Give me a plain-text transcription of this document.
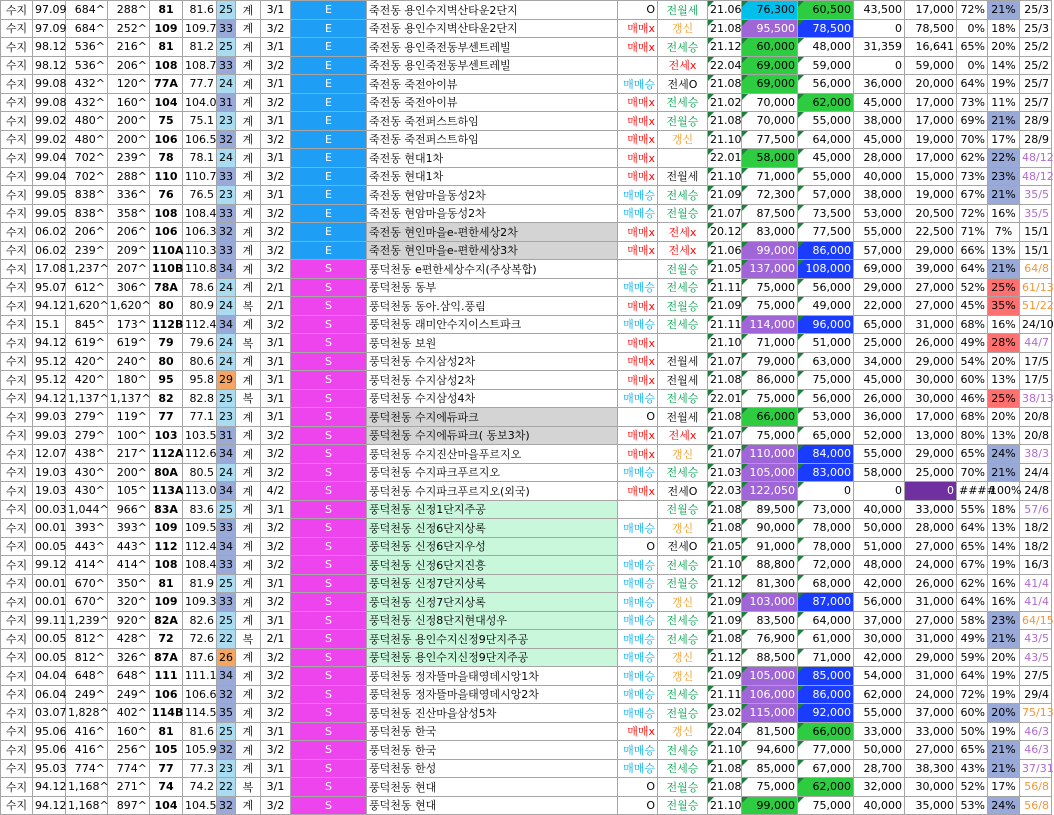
수지	97.09	684^	288^	81	81.6	25	계	3/1	E	죽전동 용인수지벽산타운2단지	O	전월세	21.06	76,300	60,500	43,500	17,000	72%	21%	25/3
수지	97.09	684^	252^	109	109.7	33	계	3/2	E	죽전동 용인수지벽산타운2단지	매매x	갱신	21.08	95,500	78,500	0	78,500	0%	18%	25/3
수지	98.12	536^	216^	81	81.2	25	계	3/1	E	죽전동 용인죽전동부센트레빌	매매x	전세승	21.12	60,000	48,000	31,359	16,641	65%	20%	25/2
수지	98.12	536^	206^	108	108.7	33	계	3/2	E	죽전동 용인죽전동부센트레빌		전세x	22.04	69,000	59,000	0	59,000	0%	14%	25/2
수지	99.08	432^	120^	77A	77.7	24	계	3/1	E	죽전동 죽전아이뷰	매매승	전세O	21.08	69,000	56,000	36,000	20,000	64%	19%	25/7
수지	99.08	432^	160^	104	104.0	31	계	3/2	E	죽전동 죽전아이뷰	매매x	전세승	21.02	70,000	62,000	45,000	17,000	73%	11%	25/7
수지	99.02	480^	200^	75	75.1	23	계	3/1	E	죽전동 죽전퍼스트하임	매매x	전월승	21.08	70,000	55,000	38,000	17,000	69%	21%	28/9
수지	99.02	480^	200^	106	106.5	32	계	3/2	E	죽전동 죽전퍼스트하임	매매x	갱신	21.10	77,500	64,000	45,000	19,000	70%	17%	28/9
수지	99.04	702^	239^	78	78.1	24	계	3/1	E	죽전동 현대1차	매매x		22.01	58,000	45,000	28,000	17,000	62%	22%	48/12
수지	99.04	702^	288^	110	110.7	33	계	3/2	E	죽전동 현대1차	매매x	전월세	21.10	71,000	55,000	40,000	15,000	73%	23%	48/12
수지	99.05	838^	336^	76	76.5	23	계	3/1	E	죽전동 현암마을동성2차	매매승	전세승	21.09	72,300	57,000	38,000	19,000	67%	21%	35/5
수지	99.05	838^	358^	108	108.4	33	계	3/2	E	죽전동 현암마을동성2차	매매승	전월승	21.07	87,500	73,500	53,000	20,500	72%	16%	35/5
수지	06.02	206^	206^	106	106.3	32	계	3/2	E	죽전동 현인마을e-편한세상2차	매매x	전세x	20.12	83,000	77,500	55,000	22,500	71%	7%	15/1
수지	06.02	239^	209^	110A	110.3	33	계	3/2	E	죽전동 현인마을e-편한세상3차	매매x	전세x	21.06	99,000	86,000	57,000	29,000	66%	13%	15/1
수지	17.08	1,237^	207^	110B	110.8	34	계	3/2	S	풍덕천동 e편한세상수지(주상복합)		전월승	21.05	137,000	108,000	69,000	39,000	64%	21%	64/8
수지	95.07	612^	306^	78A	78.6	24	계	2/1	S	풍덕천동 동부	매매승	전세승	21.11	75,000	56,000	29,000	27,000	52%	25%	61/13
수지	94.12	1,620^	1,620^	80	80.9	24	복	2/1	S	풍덕천동 동아.삼익.풍림	매매x	전월승	21.09	75,000	49,000	22,000	27,000	45%	35%	51/22
수지	15.1	845^	173^	112B	112.4	34	계	3/2	S	풍덕천동 래미안수지이스트파크	매매승	전세승	21.11	114,000	96,000	65,000	31,000	68%	16%	24/10
수지	94.12	619^	619^	79	79.6	24	복	3/1	S	풍덕천동 보원	매매x		21.10	71,000	51,000	25,000	26,000	49%	28%	44/7
수지	95.12	420^	240^	80	80.6	24	계	3/1	S	풍덕천동 수지삼성2차	매매x	전월세	21.07	79,000	63,000	34,000	29,000	54%	20%	17/5
수지	95.12	420^	180^	95	95.8	29	계	3/1	S	풍덕천동 수지삼성2차	매매x	전월세	21.08	86,000	75,000	45,000	30,000	60%	13%	17/5
수지	94.12	1,137^	1,137^	82	82.8	25	복	3/1	S	풍덕천동 수지삼성4차	매매승	전세승	22.01	75,000	56,000	26,000	30,000	46%	25%	38/13
수지	99.03	279^	119^	77	77.1	23	계	3/1	S	풍덕천동 수지에듀파크	O	전월세	21.08	66,000	53,000	36,000	17,000	68%	20%	20/8
수지	99.03	279^	100^	103	103.5	31	계	3/2	S	풍덕천동 수지에듀파크( 동보3차)	매매x	전세x	21.07	75,000	65,000	52,000	13,000	80%	13%	20/8
수지	12.07	438^	217^	112A	112.6	34	계	3/2	S	풍덕천동 수지진산마을푸르지오	매매x	갱신	21.07	110,000	84,000	55,000	29,000	65%	24%	38/3
수지	19.03	430^	200^	80A	80.5	24	계	3/2	S	풍덕천동 수지파크푸르지오	매매승	전세승	21.03	105,000	83,000	58,000	25,000	70%	21%	24/4
수지	19.03	430^	105^	113A	113.0	34	계	4/2	S	풍덕천동 수지파크푸르지오(외국)	매매x	전세O	22.03	122,050	0	0	0	####	100%	24/8
수지	00.03	1,044^	966^	83A	83.6	25	계	3/1	S	풍덕천동 신정1단지주공		전월승	21.08	89,500	73,000	40,000	33,000	55%	18%	57/6
수지	00.01	393^	393^	109	109.5	33	계	3/2	S	풍덕천동 신정6단지상록	매매승	갱신	21.08	90,000	78,000	50,000	28,000	64%	13%	18/2
수지	00.05	443^	443^	112	112.4	34	계	3/2	S	풍덕천동 신정6단지우성	O	전세O	21.05	91,000	78,000	51,000	27,000	65%	14%	18/2
수지	99.12	414^	414^	108	108.4	33	계	3/2	S	풍덕천동 신정6단지진흥	매매승	전세승	21.10	88,800	72,000	48,000	24,000	67%	19%	16/3
수지	00.01	670^	350^	81	81.9	25	계	3/1	S	풍덕천동 신정7단지상록	매매승	전월승	21.12	81,300	68,000	42,000	26,000	62%	16%	41/4
수지	00.01	670^	320^	109	109.3	33	계	3/2	S	풍덕천동 신정7단지상록	매매승	갱신	21.09	103,000	87,000	56,000	31,000	64%	16%	41/4
수지	99.11	1,239^	920^	82A	82.6	25	계	3/1	S	풍덕천동 신정8단지현대성우	매매승	전세승	21.09	83,500	64,000	37,000	27,000	58%	23%	64/15
수지	00.05	812^	428^	72	72.6	22	복	2/1	S	풍덕천동 용인수지신정9단지주공	매매승	전세승	21.08	76,900	61,000	30,000	31,000	49%	21%	43/5
수지	00.05	812^	326^	87A	87.6	26	계	3/2	S	풍덕천동 용인수지신정9단지주공	매매승	갱신	21.12	88,500	71,000	42,000	29,000	59%	20%	43/5
수지	04.04	648^	648^	111	111.1	34	계	3/2	S	풍덕천동 정자뜰마을태영데시앙1차	매매승	갱신	21.09	105,000	85,000	54,000	31,000	64%	19%	27/5
수지	06.04	249^	249^	106	106.6	32	계	3/2	S	풍덕천동 정자뜰마을태영데시앙2차	매매승	전세승	21.11	106,000	86,000	62,000	24,000	72%	19%	29/4
수지	03.07	1,828^	402^	114B	114.5	35	계	3/2	S	풍덕천동 진산마을삼성5차	매매승	전월승	23.02	115,000	92,000	55,000	37,000	60%	20%	75/13
수지	95.06	416^	160^	81	81.6	25	계	3/1	S	풍덕천동 한국	매매x	갱신	22.04	81,500	66,000	33,000	33,000	50%	19%	46/3
수지	95.06	416^	256^	105	105.9	32	계	3/2	S	풍덕천동 한국	매매승	전세승	21.10	94,600	77,000	50,000	27,000	65%	21%	46/3
수지	95.03	774^	774^	77	77.3	23	계	3/1	S	풍덕천동 한성	매매승	전세승	21.08	85,000	67,000	28,700	38,300	43%	21%	37/31
수지	94.12	1,168^	271^	74	74.2	22	복	3/1	S	풍덕천동 현대	O	전월승	21.08	75,000	62,000	32,000	30,000	52%	17%	56/8
수지	94.12	1,168^	897^	104	104.5	32	계	3/2	S	풍덕천동 현대	O	전월승	21.10	99,000	75,000	40,000	35,000	53%	24%	56/8
